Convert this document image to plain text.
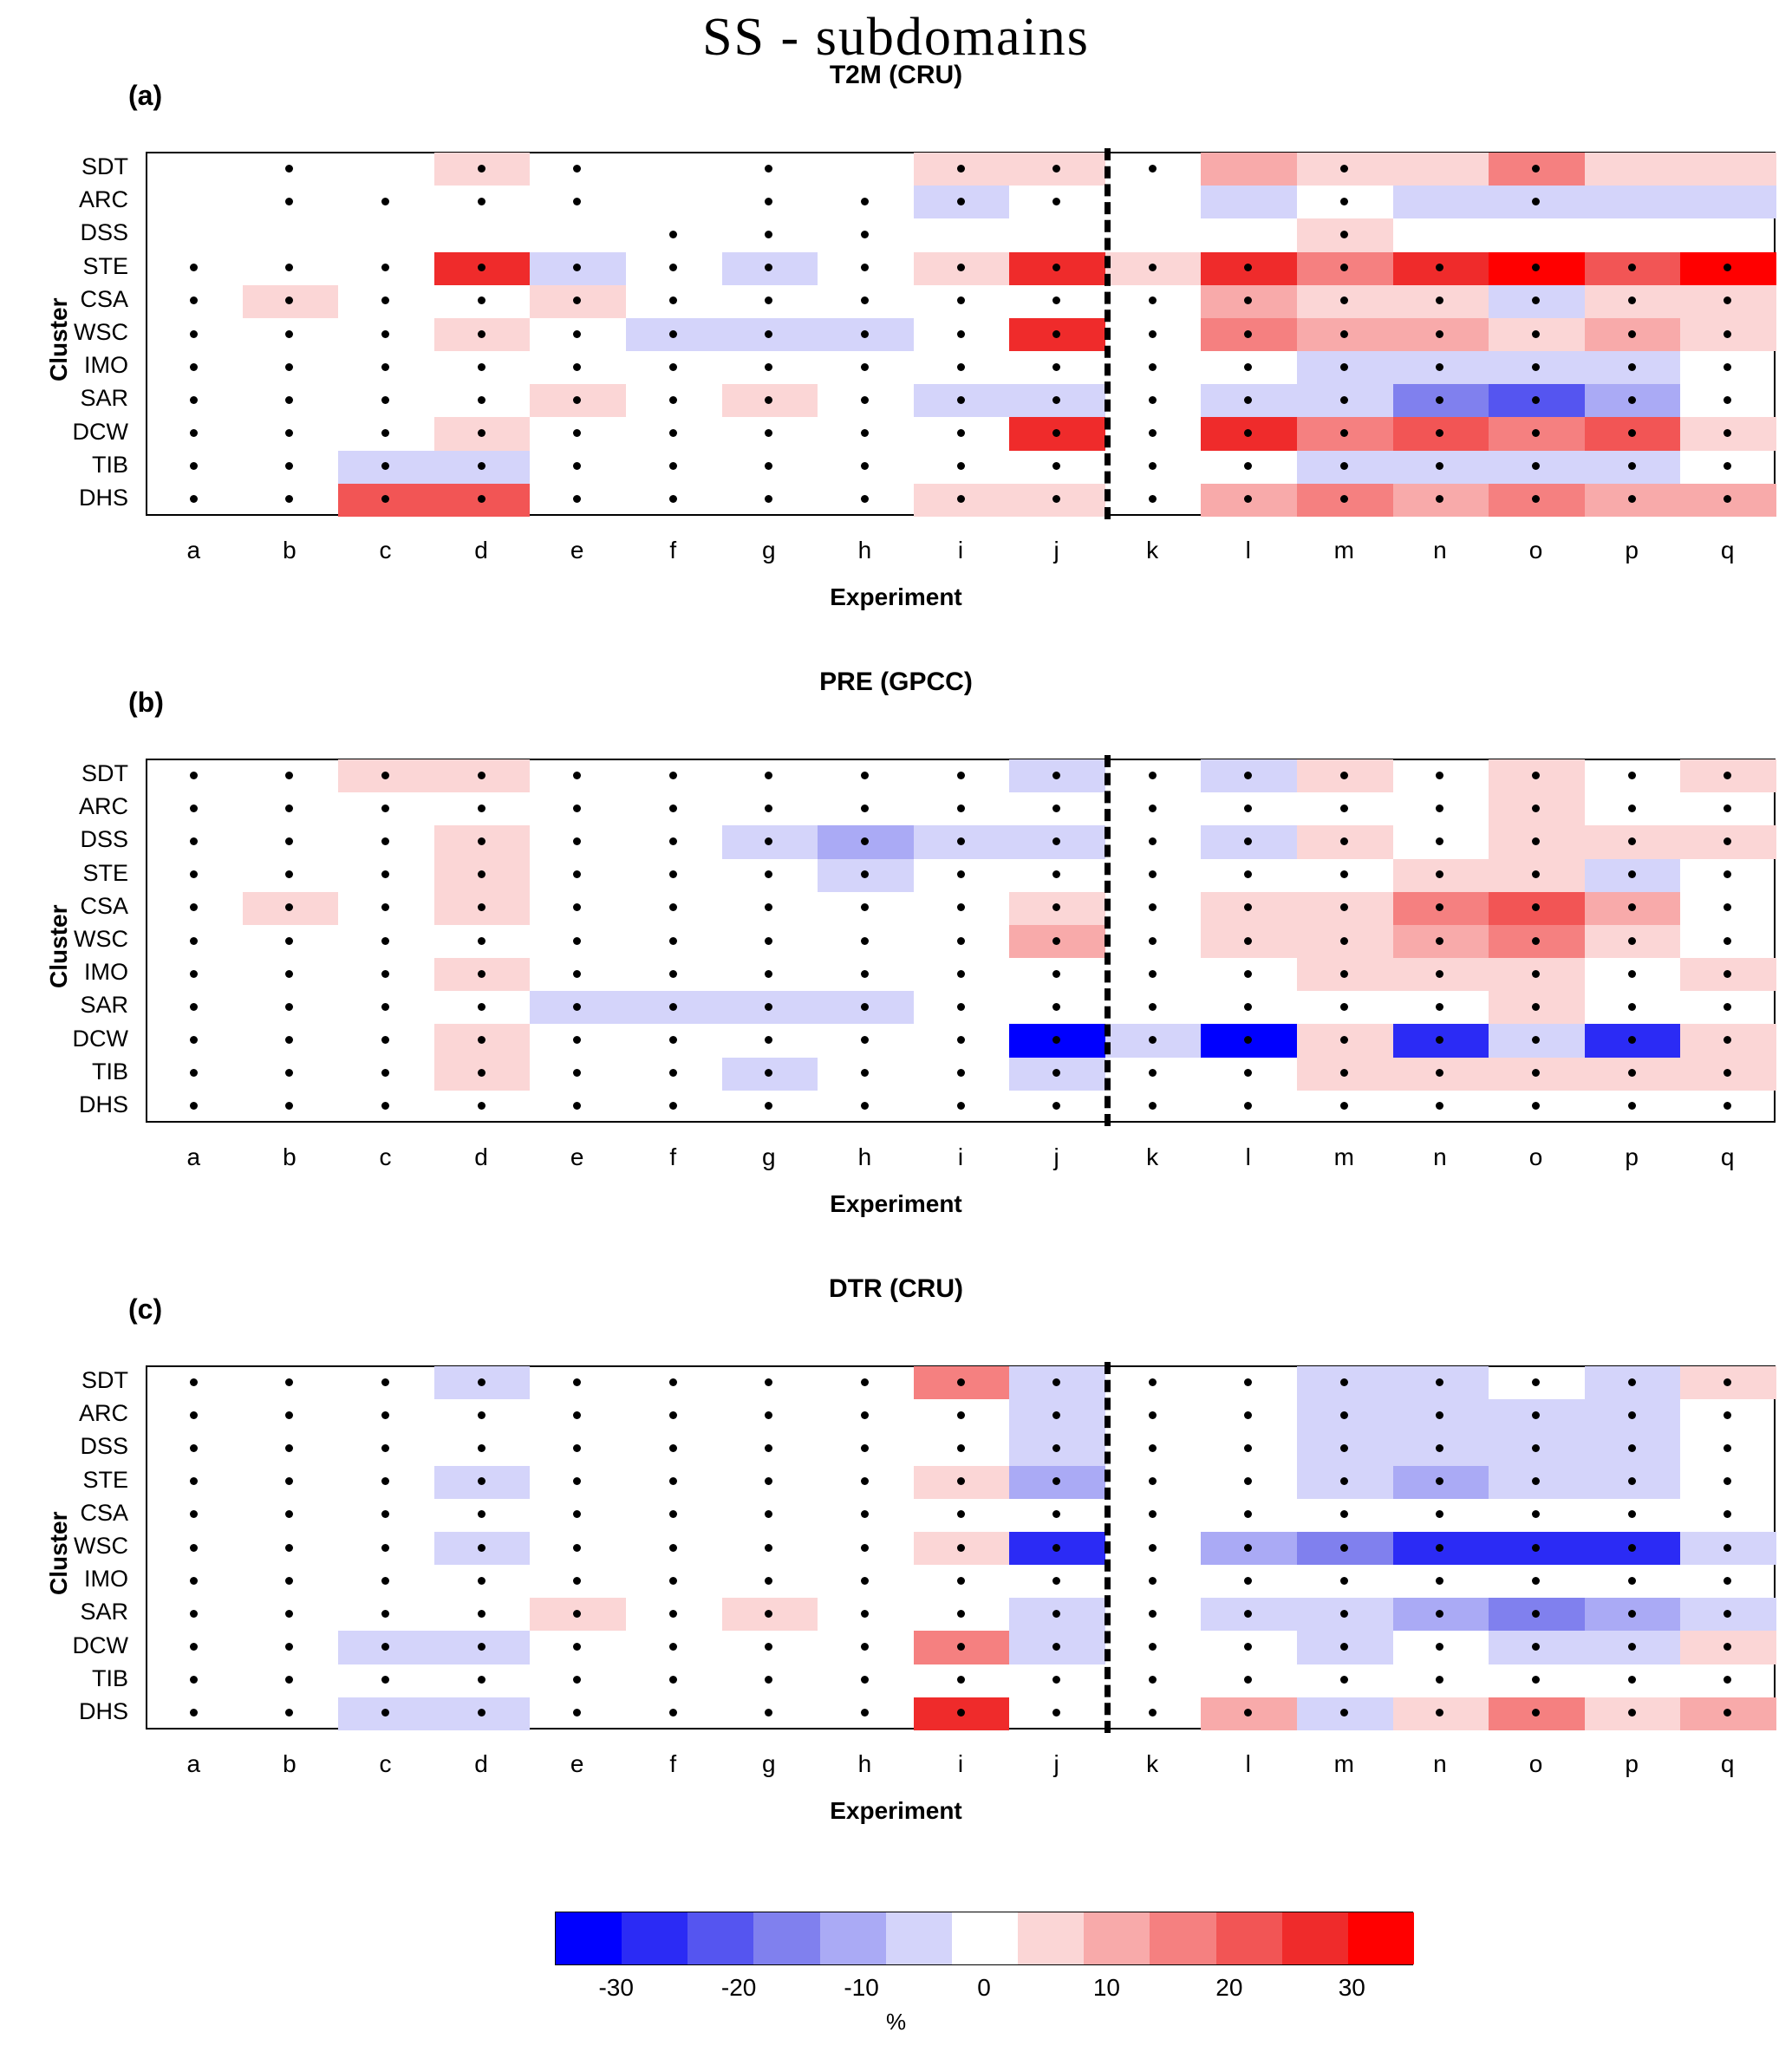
SS - subdomains
T2M (CRU)
(a)
PRE (GPCC)
(b)
DTR (CRU)
(c)
SDT
ARC
DSS
STE
CSA
WSC
IMO
SAR
DCW
TIB
DHS
a	b	c	d	e	f	g	h	i	j	k	l	m	n	o	p	q
Cluster
Experiment
SDT
ARC
DSS
STE
CSA
WSC
IMO
SAR
DCW
TIB
DHS
a	b	c	d	e	f	g	h	i	j	k	l	m	n	o	p	q
Cluster
Experiment
SDT
ARC
DSS
STE
CSA
WSC
IMO
SAR
DCW
TIB
DHS
a	b	c	d	e	f	g	h	i	j	k	l	m	n	o	p	q
Cluster
Experiment
%
-30	-20	-10	0	10	20	30
